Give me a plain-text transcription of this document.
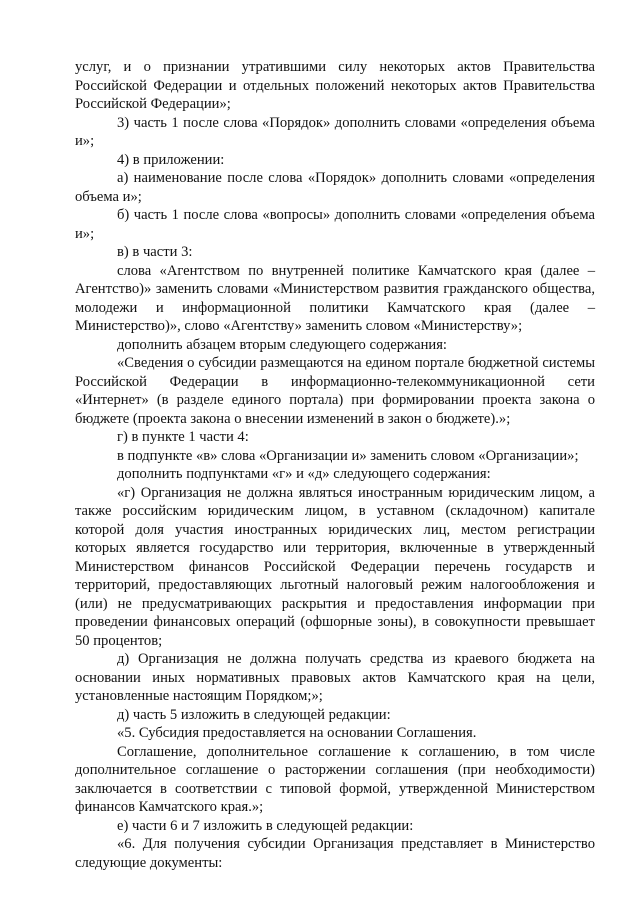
услуг, и о признании утратившими силу некоторых актов Правительства Российской Федерации и отдельных положений некоторых актов Правительства Российской Федерации»;

3) часть 1 после слова «Порядок» дополнить словами «определения объема и»;

4) в приложении:

а) наименование после слова «Порядок» дополнить словами «определения объема и»;

б) часть 1 после слова «вопросы» дополнить словами «определения объема и»;

в) в части 3:

слова «Агентством по внутренней политике Камчатского края (далее – Агентство)» заменить словами «Министерством развития гражданского общества, молодежи и информационной политики Камчатского края (далее – Министерство)», слово «Агентству» заменить словом «Министерству»;

дополнить абзацем вторым следующего содержания:

«Сведения о субсидии размещаются на едином портале бюджетной системы Российской Федерации в информационно-телекоммуникационной сети «Интернет» (в разделе единого портала) при формировании проекта закона о бюджете (проекта закона о внесении изменений в закон о бюджете).»;

г) в пункте 1 части 4:

в подпункте «в» слова «Организации и» заменить словом «Организации»;

дополнить подпунктами «г» и «д» следующего содержания:

«г) Организация не должна являться иностранным юридическим лицом, а также российским юридическим лицом, в уставном (складочном) капитале которой доля участия иностранных юридических лиц, местом регистрации которых является государство или территория, включенные в утвержденный Министерством финансов Российской Федерации перечень государств и территорий, предоставляющих льготный налоговый режим налогообложения и (или) не предусматривающих раскрытия и предоставления информации при проведении финансовых операций (офшорные зоны), в совокупности превышает 50 процентов;

д) Организация не должна получать средства из краевого бюджета на основании иных нормативных правовых актов Камчатского края на цели, установленные настоящим Порядком;»;

д) часть 5 изложить в следующей редакции:

«5. Субсидия предоставляется на основании Соглашения.

Соглашение, дополнительное соглашение к соглашению, в том числе дополнительное соглашение о расторжении соглашения (при необходимости) заключается в соответствии с типовой формой, утвержденной Министерством финансов Камчатского края.»;

е) части 6 и 7 изложить в следующей редакции:

«6. Для получения субсидии Организация представляет в Министерство следующие документы:
